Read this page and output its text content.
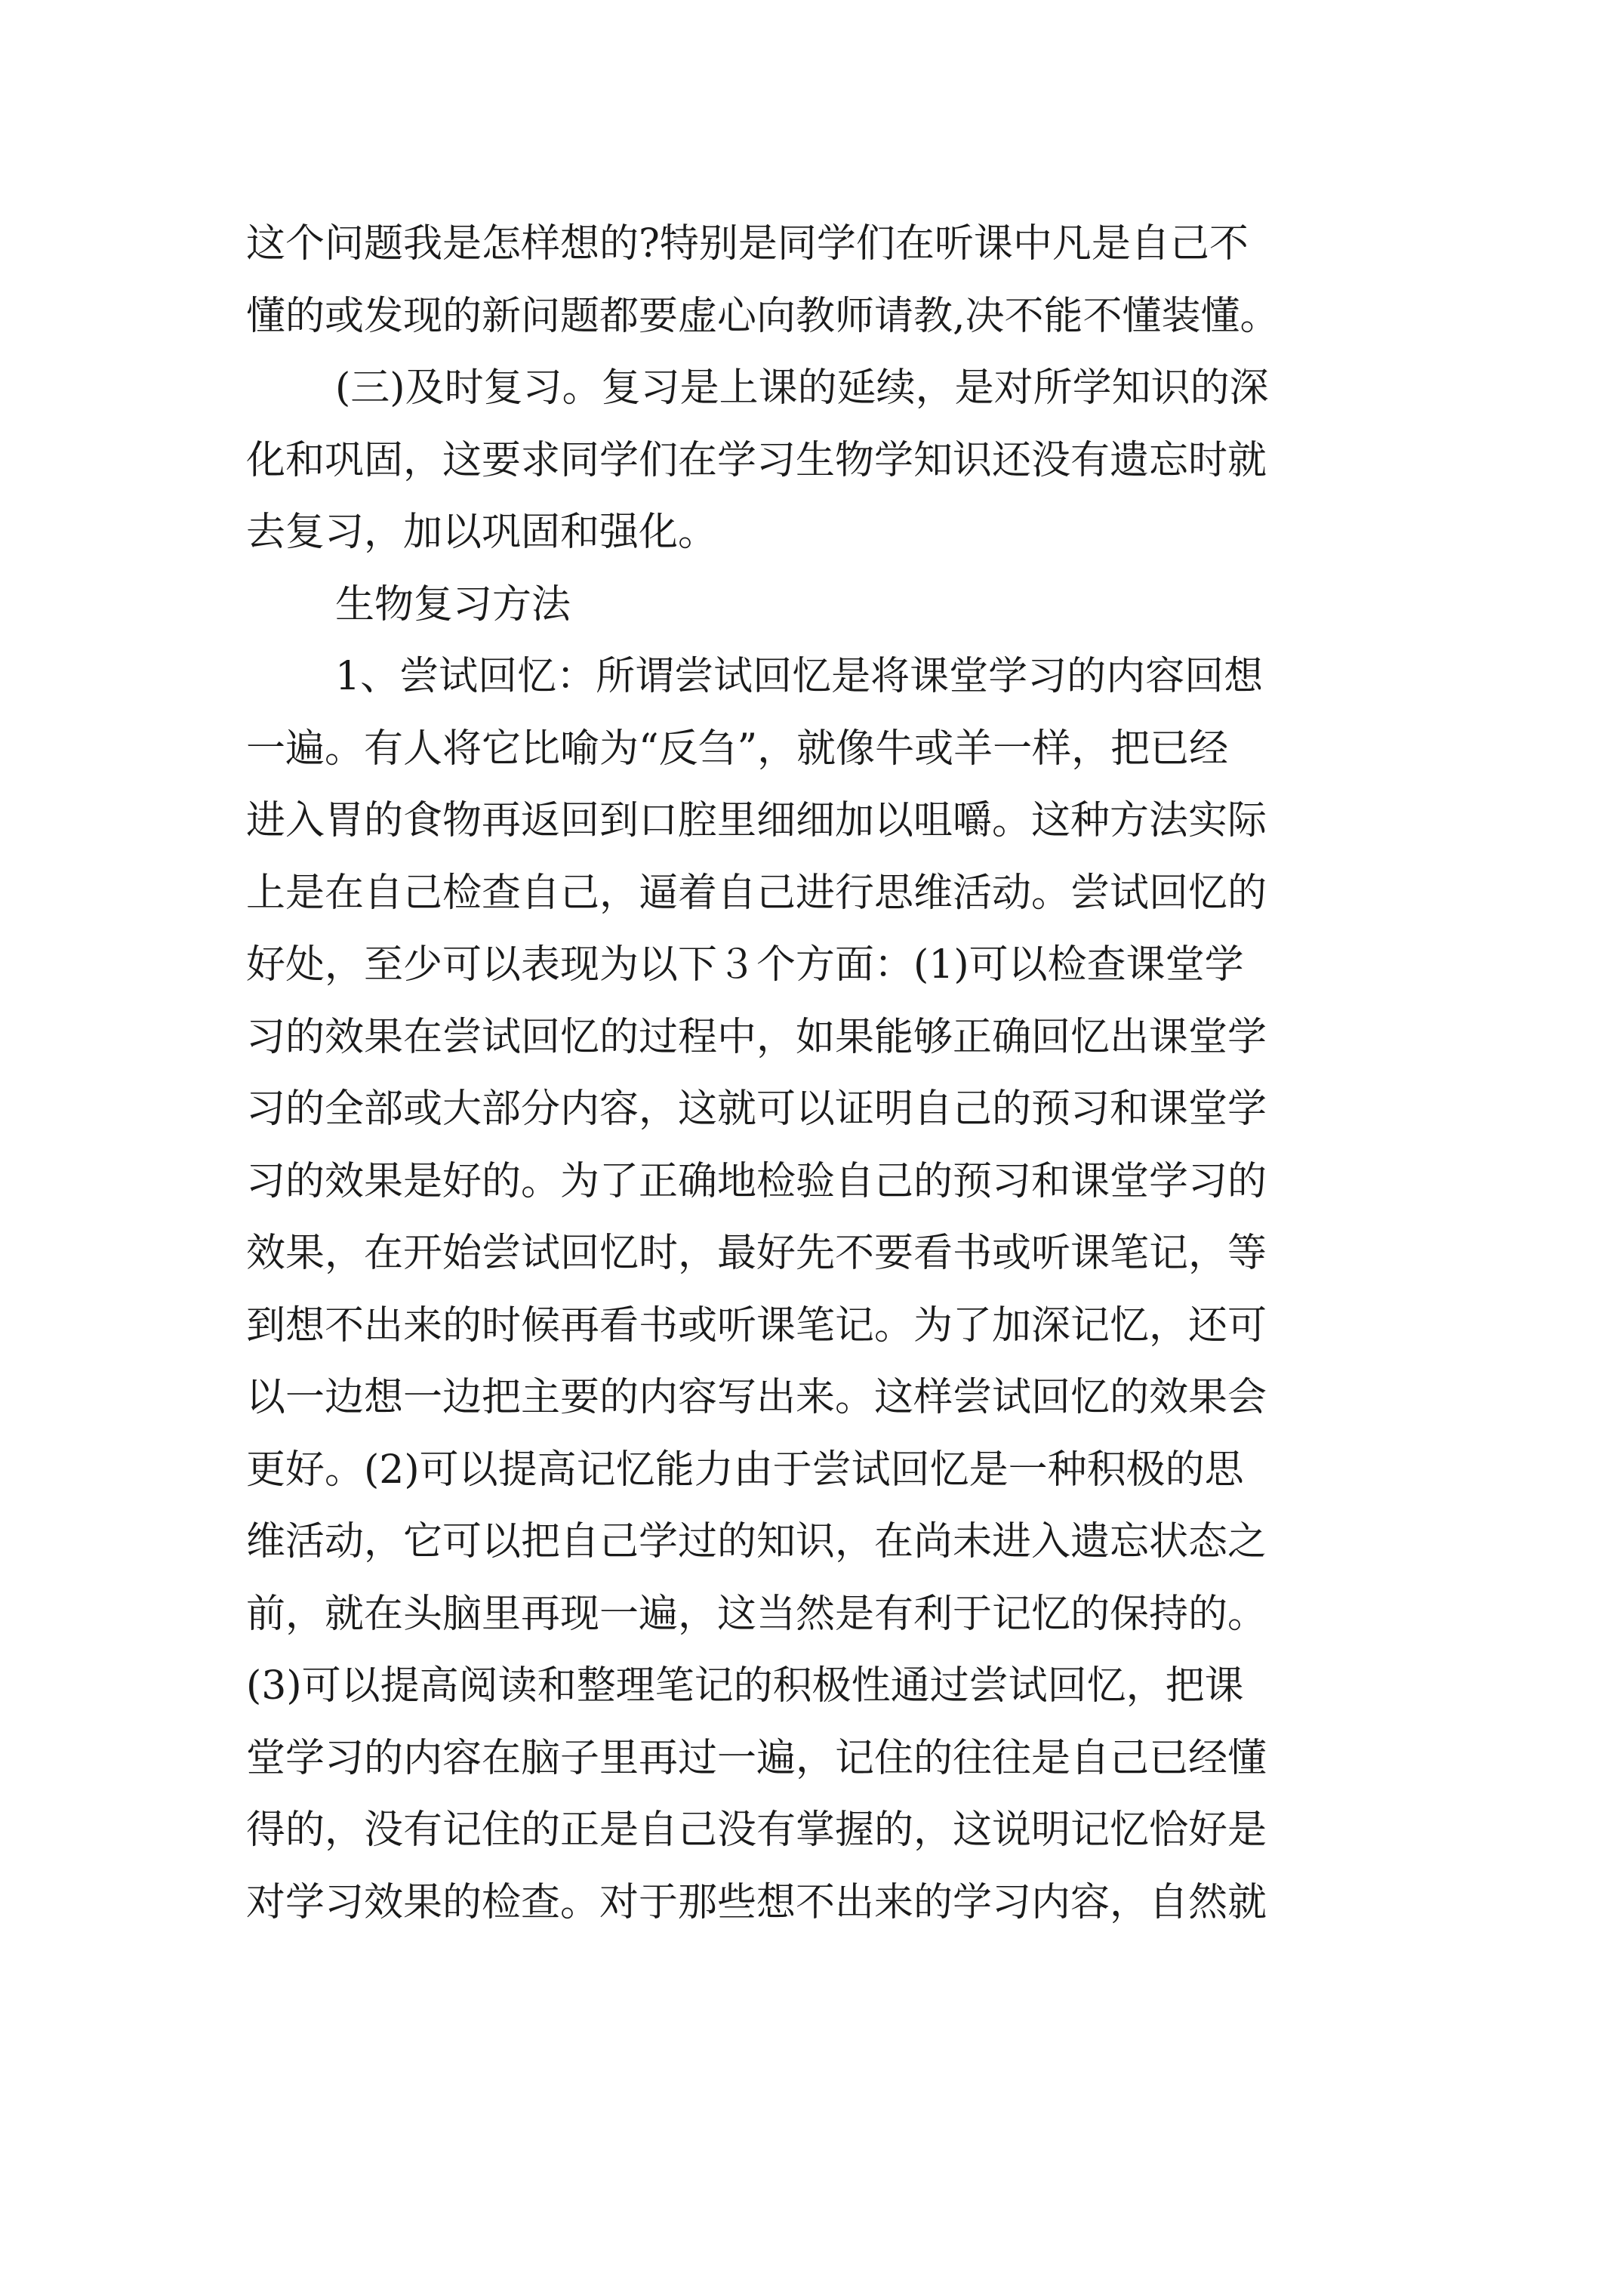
这个问题我是怎样想的?特别是同学们在听课中凡是自己不
懂的或发现的新问题都要虚心向教师请教,决不能不懂装懂。
(三)及时复习。复习是上课的延续，是对所学知识的深
化和巩固，这要求同学们在学习生物学知识还没有遗忘时就
去复习，加以巩固和强化。
生物复习方法
1、尝试回忆：所谓尝试回忆是将课堂学习的内容回想
一遍。有人将它比喻为“反刍”，就像牛或羊一样，把已经
进入胃的食物再返回到口腔里细细加以咀嚼。这种方法实际
上是在自己检查自己，逼着自己进行思维活动。尝试回忆的
好处，至少可以表现为以下３个方面：(1)可以检查课堂学
习的效果在尝试回忆的过程中，如果能够正确回忆出课堂学
习的全部或大部分内容，这就可以证明自己的预习和课堂学
习的效果是好的。为了正确地检验自己的预习和课堂学习的
效果，在开始尝试回忆时，最好先不要看书或听课笔记，等
到想不出来的时候再看书或听课笔记。为了加深记忆，还可
以一边想一边把主要的内容写出来。这样尝试回忆的效果会
更好。(2)可以提高记忆能力由于尝试回忆是一种积极的思
维活动，它可以把自己学过的知识，在尚未进入遗忘状态之
前，就在头脑里再现一遍，这当然是有利于记忆的保持的。
(3)可以提高阅读和整理笔记的积极性通过尝试回忆，把课
堂学习的内容在脑子里再过一遍，记住的往往是自己已经懂
得的，没有记住的正是自己没有掌握的，这说明记忆恰好是
对学习效果的检查。对于那些想不出来的学习内容，自然就
